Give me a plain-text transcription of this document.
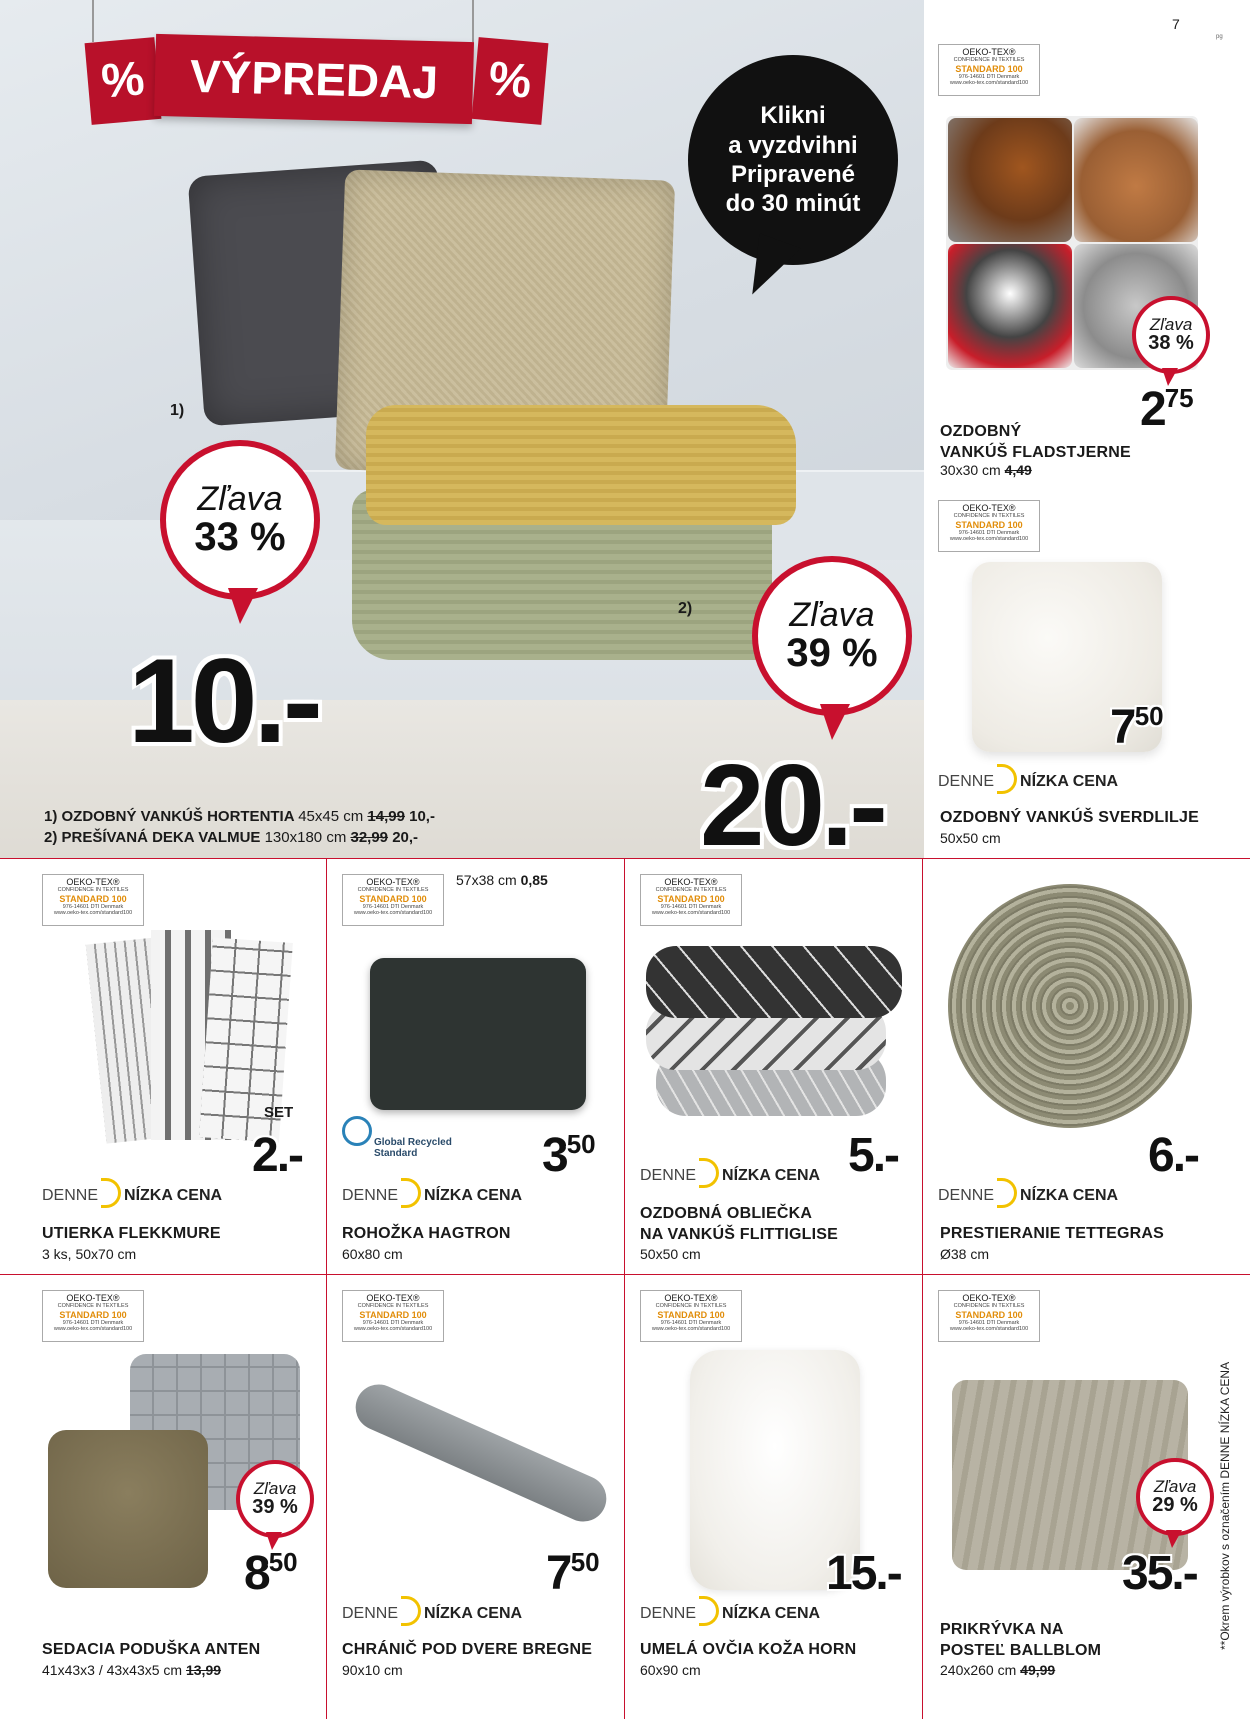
7
pg
% VÝPREDAJ %
Klikni
a vyzdvihni
Pripravené
do 30 minút
1)
2)
Zľava
33 %
Zľava
39 %
10.-
20.-
1) OZDOBNÝ VANKÚŠ HORTENTIA 45x45 cm 14,99 10,-
2) PREŠÍVANÁ DEKA VALMUE 130x180 cm 32,99 20,-
OEKO-TEX®
CONFIDENCE IN TEXTILES
STANDARD 100
976-14601 DTI Denmark
www.oeko-tex.com/standard100
Zľava
38 %
$2^{75}$
OZDOBNÝ
VANKÚŠ FLADSTJERNE
30x30 cm 4,49
OEKO-TEX®
CONFIDENCE IN TEXTILES
STANDARD 100
976-14601 DTI Denmark
www.oeko-tex.com/standard100
$7^{50}$
DENNE NÍZKA CENA
OZDOBNÝ VANKÚŠ SVERDLILJE
50x50 cm
OEKO-TEX®
CONFIDENCE IN TEXTILES
STANDARD 100
976-14601 DTI Denmark
www.oeko-tex.com/standard100
SET
2.-
DENNE NÍZKA CENA
UTIERKA FLEKKMURE
3 ks, 50x70 cm
OEKO-TEX®
CONFIDENCE IN TEXTILES
STANDARD 100
976-14601 DTI Denmark
www.oeko-tex.com/standard100
57x38 cm 0,85
Global Recycled
Standard	$3^{50}$
DENNE NÍZKA CENA
ROHOŽKA HAGTRON
60x80 cm
OEKO-TEX®
CONFIDENCE IN TEXTILES
STANDARD 100
976-14601 DTI Denmark
www.oeko-tex.com/standard100
5.-
DENNE NÍZKA CENA
OZDOBNÁ OBLIEČKA
NA VANKÚŠ FLITTIGLISE
50x50 cm
6.-
DENNE NÍZKA CENA
PRESTIERANIE TETTEGRAS
Ø38 cm
OEKO-TEX®
CONFIDENCE IN TEXTILES
STANDARD 100
976-14601 DTI Denmark
www.oeko-tex.com/standard100
Zľava
39 %
$8^{50}$
SEDACIA PODUŠKA ANTEN
41x43x3 / 43x43x5 cm 13,99
OEKO-TEX®
CONFIDENCE IN TEXTILES
STANDARD 100
976-14601 DTI Denmark
www.oeko-tex.com/standard100
$7^{50}$
DENNE NÍZKA CENA
CHRÁNIČ POD DVERE BREGNE
90x10 cm
OEKO-TEX®
CONFIDENCE IN TEXTILES
STANDARD 100
976-14601 DTI Denmark
www.oeko-tex.com/standard100
15.-
DENNE NÍZKA CENA
UMELÁ OVČIA KOŽA HORN
60x90 cm
OEKO-TEX®
CONFIDENCE IN TEXTILES
STANDARD 100
976-14601 DTI Denmark
www.oeko-tex.com/standard100
Zľava
29 %
35.-
PRIKRÝVKA NA
POSTEĽ BALLBLOM
240x260 cm 49,99
**Okrem výrobkov s označením DENNE NÍZKA CENA
